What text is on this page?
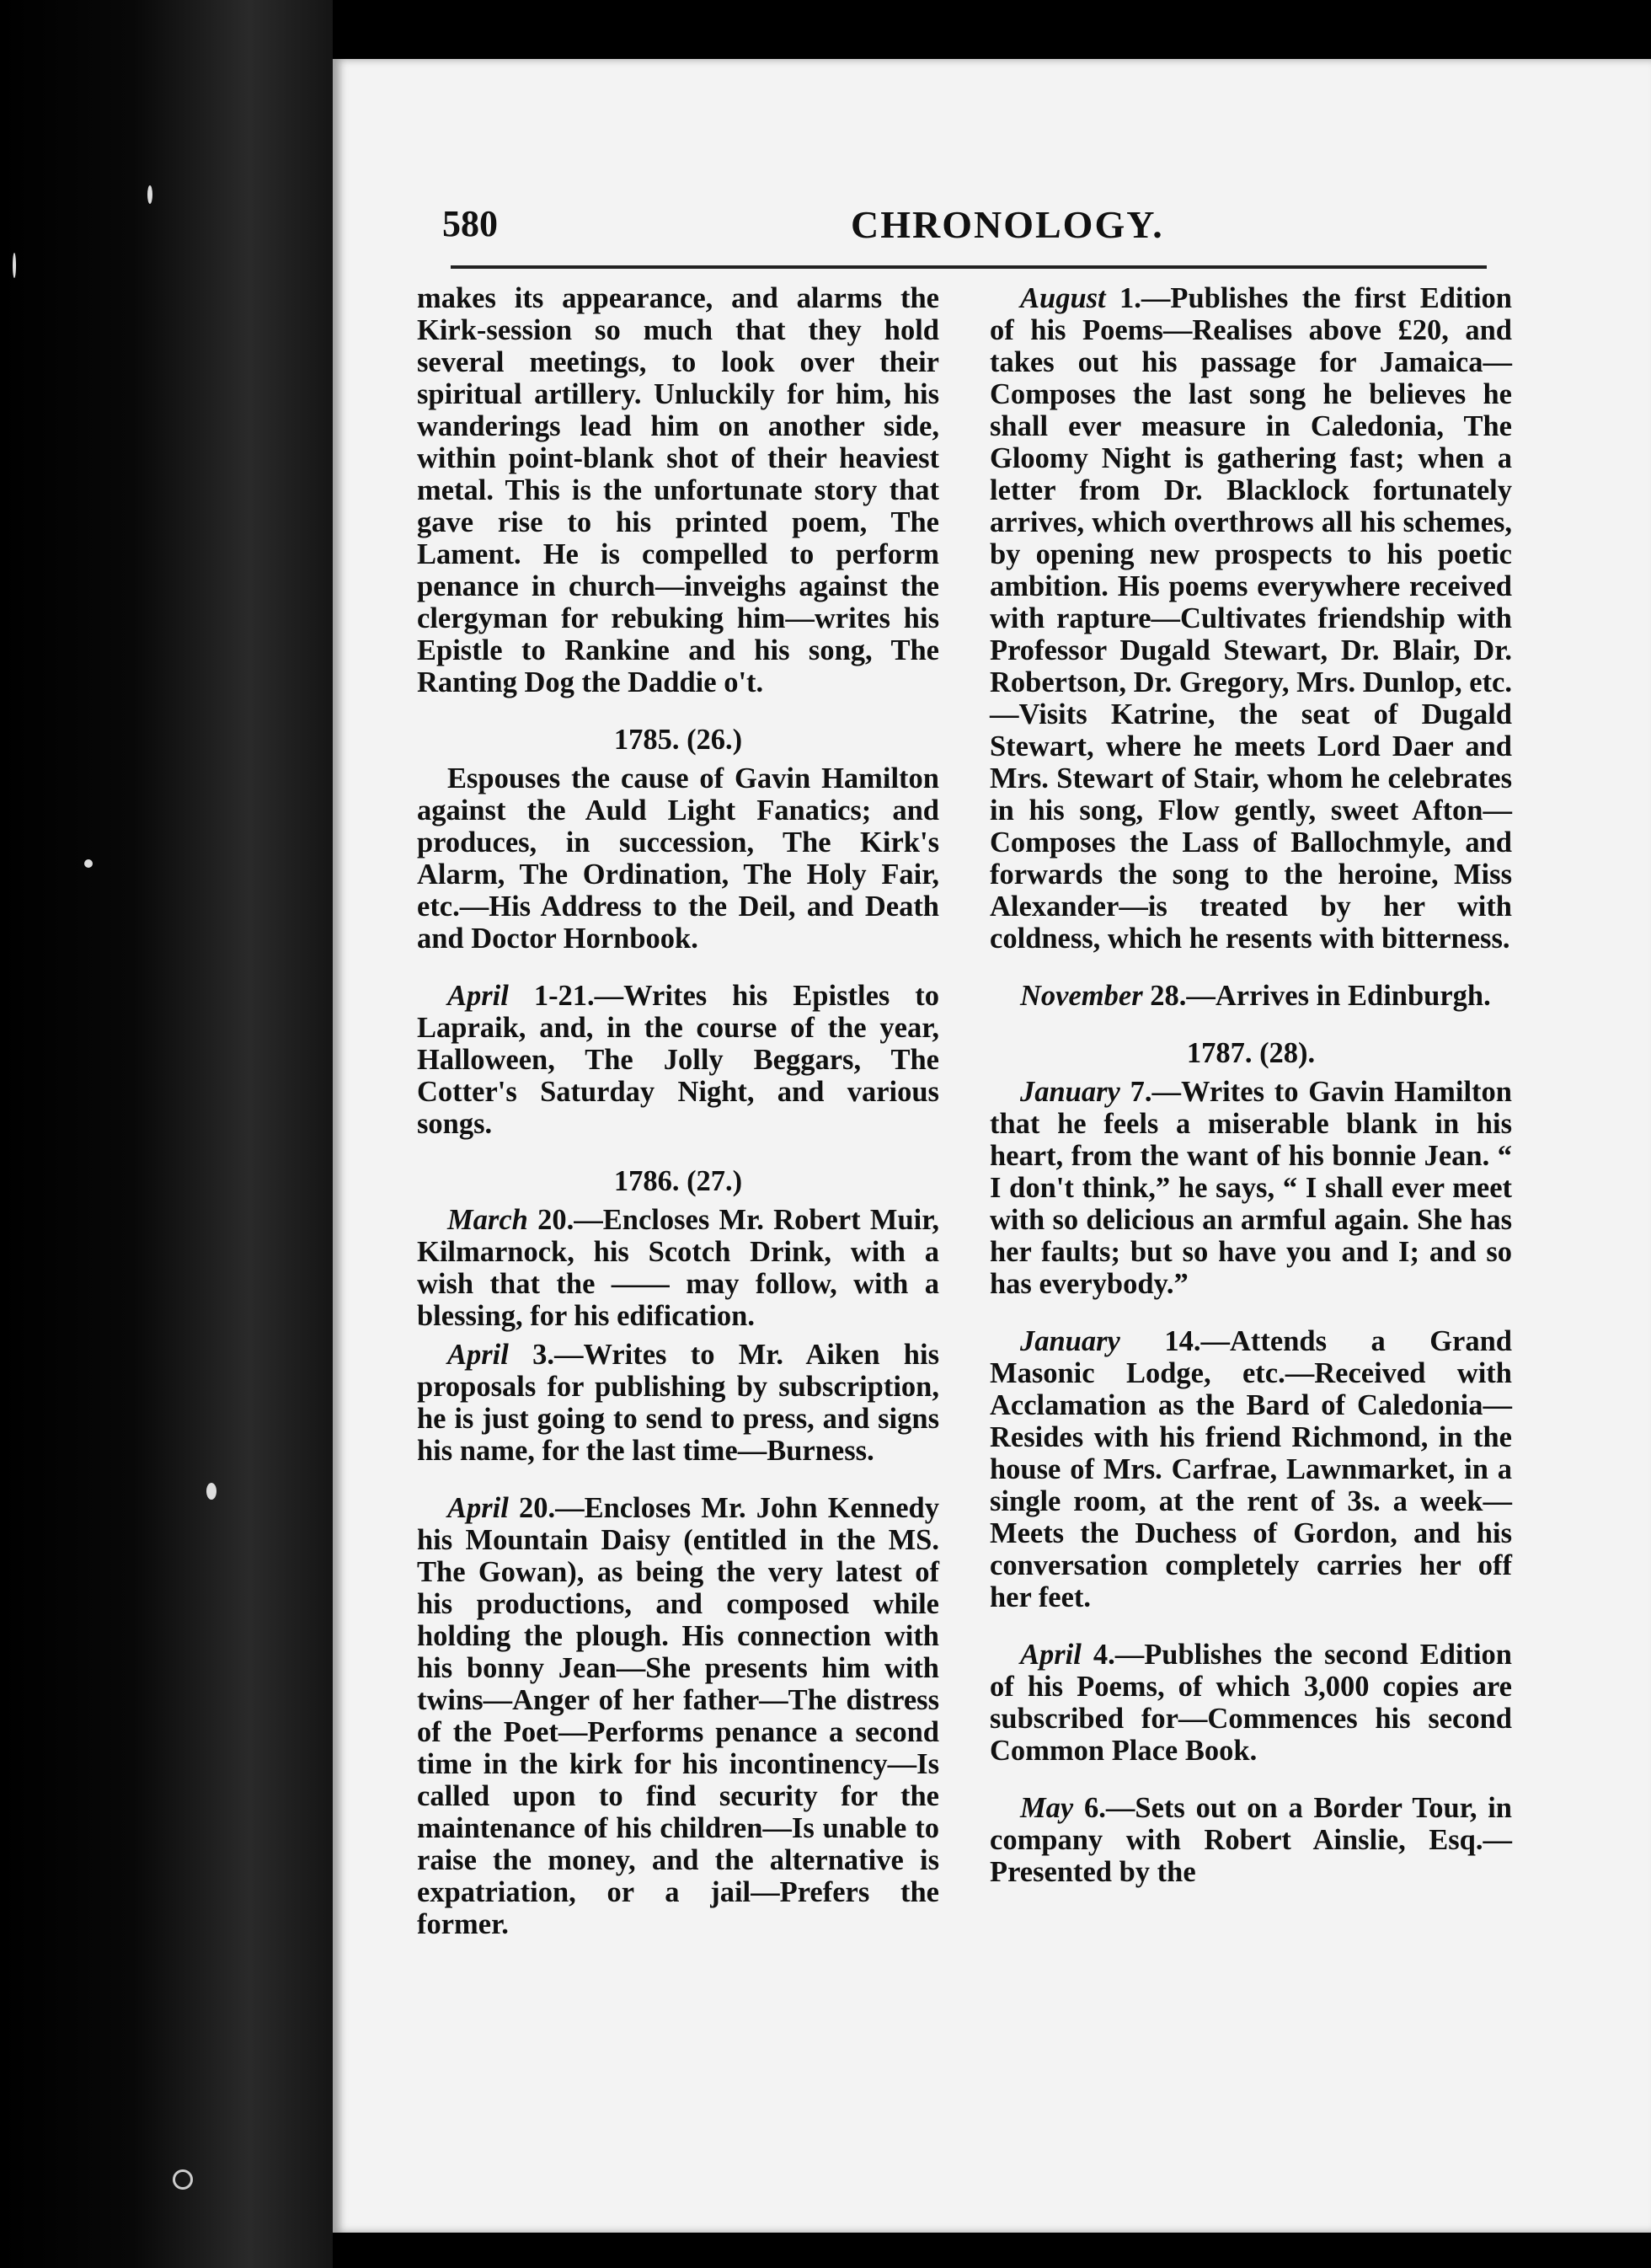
580	CHRONOLOGY.

makes its appearance, and alarms the Kirk-session so much that they hold several meetings, to look over their spiritual artillery. Unluckily for him, his wanderings lead him on another side, within point-blank shot of their heaviest metal. This is the unfortunate story that gave rise to his printed poem, The Lament. He is compelled to perform penance in church—inveighs against the clergyman for rebuking him—writes his Epistle to Rankine and his song, The Ranting Dog the Daddie o't.

1785. (26.)

Espouses the cause of Gavin Hamilton against the Auld Light Fanatics; and produces, in succession, The Kirk's Alarm, The Ordination, The Holy Fair, etc.—His Address to the Deil, and Death and Doctor Hornbook.

April 1-21.—Writes his Epistles to Lapraik, and, in the course of the year, Halloween, The Jolly Beggars, The Cotter's Saturday Night, and various songs.

1786. (27.)

March 20.—Encloses Mr. Robert Muir, Kilmarnock, his Scotch Drink, with a wish that the —— may follow, with a blessing, for his edification.

April 3.—Writes to Mr. Aiken his proposals for publishing by subscription, he is just going to send to press, and signs his name, for the last time—Burness.

April 20.—Encloses Mr. John Kennedy his Mountain Daisy (entitled in the MS. The Gowan), as being the very latest of his productions, and composed while holding the plough. His connection with his bonny Jean—She presents him with twins—Anger of her father—The distress of the Poet—Performs penance a second time in the kirk for his incontinency—Is called upon to find security for the maintenance of his children—Is unable to raise the money, and the alternative is expatriation, or a jail—Prefers the former.

August 1.—Publishes the first Edition of his Poems—Realises above £20, and takes out his passage for Jamaica—Composes the last song he believes he shall ever measure in Caledonia, The Gloomy Night is gathering fast; when a letter from Dr. Blacklock fortunately arrives, which overthrows all his schemes, by opening new prospects to his poetic ambition. His poems everywhere received with rapture—Cultivates friendship with Professor Dugald Stewart, Dr. Blair, Dr. Robertson, Dr. Gregory, Mrs. Dunlop, etc.—Visits Katrine, the seat of Dugald Stewart, where he meets Lord Daer and Mrs. Stewart of Stair, whom he celebrates in his song, Flow gently, sweet Afton—Composes the Lass of Ballochmyle, and forwards the song to the heroine, Miss Alexander—is treated by her with coldness, which he resents with bitterness.

November 28.—Arrives in Edinburgh.

1787. (28).

January 7.—Writes to Gavin Hamilton that he feels a miserable blank in his heart, from the want of his bonnie Jean. “ I don't think,” he says, “ I shall ever meet with so delicious an armful again. She has her faults; but so have you and I; and so has everybody.”

January 14.—Attends a Grand Masonic Lodge, etc.—Received with Acclamation as the Bard of Caledonia—Resides with his friend Richmond, in the house of Mrs. Carfrae, Lawnmarket, in a single room, at the rent of 3s. a week—Meets the Duchess of Gordon, and his conversation completely carries her off her feet.

April 4.—Publishes the second Edition of his Poems, of which 3,000 copies are subscribed for—Commences his second Common Place Book.

May 6.—Sets out on a Border Tour, in company with Robert Ainslie, Esq.—Presented by the
